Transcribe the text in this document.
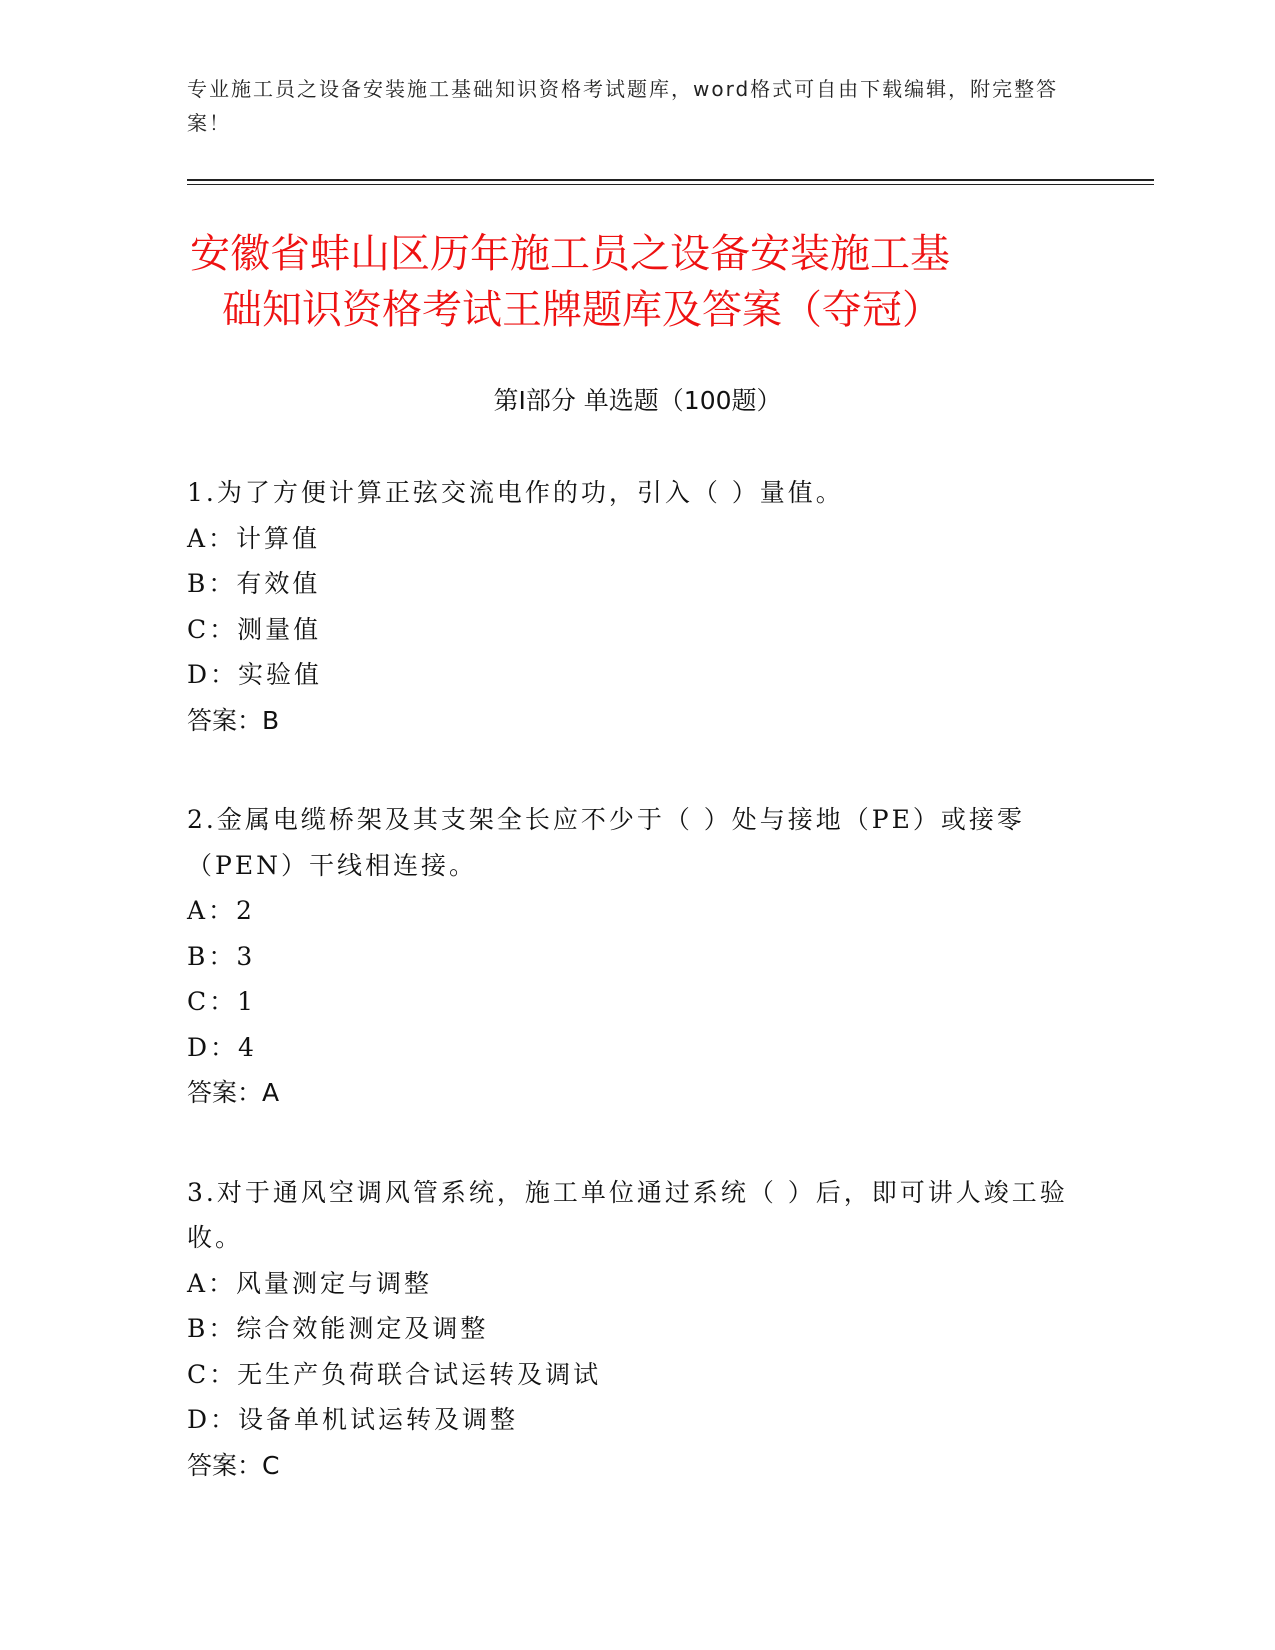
专业施工员之设备安装施工基础知识资格考试题库，word格式可自由下载编辑，附完整答案！
安徽省蚌山区历年施工员之设备安装施工基
础知识资格考试王牌题库及答案（夺冠）
第Ⅰ部分 单选题（100题）
1.为了方便计算正弦交流电作的功，引入（ ）量值。
A：计算值
B：有效值
C：测量值
D：实验值
答案：B
2.金属电缆桥架及其支架全长应不少于（ ）处与接地（PE）或接零（PEN）干线相连接。
A：2
B：3
C：1
D：4
答案：A
3.对于通风空调风管系统，施工单位通过系统（ ）后，即可讲人竣工验收。
A：风量测定与调整
B：综合效能测定及调整
C：无生产负荷联合试运转及调试
D：设备单机试运转及调整
答案：C
